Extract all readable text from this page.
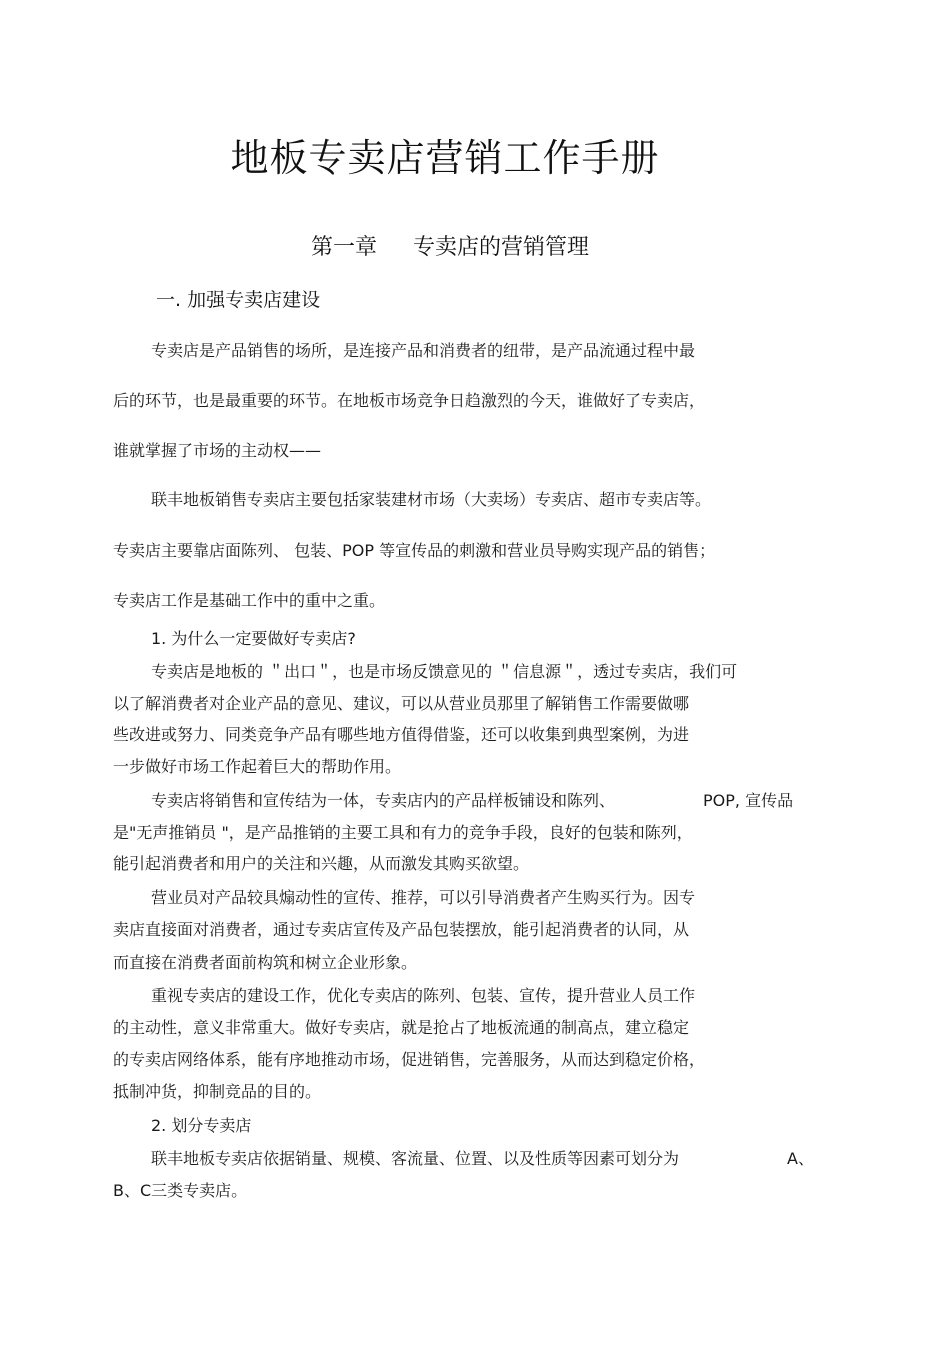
地板专卖店营销工作手册
第一章 专卖店的营销管理
一. 加强专卖店建设
专卖店是产品销售的场所，是连接产品和消费者的纽带，是产品流通过程中最
后的环节，也是最重要的环节。在地板市场竞争日趋激烈的今天，谁做好了专卖店，
谁就掌握了市场的主动权——
联丰地板销售专卖店主要包括家装建材市场（大卖场）专卖店、超市专卖店等。
专卖店主要靠店面陈列、 包装、POP 等宣传品的刺激和营业员导购实现产品的销售；
专卖店工作是基础工作中的重中之重。
1. 为什么一定要做好专卖店?
专卖店是地板的 ＂出口＂，也是市场反馈意见的 ＂信息源＂，透过专卖店，我们可
以了解消费者对企业产品的意见、建议，可以从营业员那里了解销售工作需要做哪
些改进或努力、同类竞争产品有哪些地方值得借鉴，还可以收集到典型案例，为进
一步做好市场工作起着巨大的帮助作用。
专卖店将销售和宣传结为一体，专卖店内的产品样板铺设和陈列、	POP, 宣传品
是"无声推销员 "，是产品推销的主要工具和有力的竞争手段，良好的包装和陈列，
能引起消费者和用户的关注和兴趣，从而激发其购买欲望。
营业员对产品较具煽动性的宣传、推荐，可以引导消费者产生购买行为。因专
卖店直接面对消费者，通过专卖店宣传及产品包装摆放，能引起消费者的认同，从
而直接在消费者面前构筑和树立企业形象。
重视专卖店的建设工作，优化专卖店的陈列、包装、宣传，提升营业人员工作
的主动性，意义非常重大。做好专卖店，就是抢占了地板流通的制高点，建立稳定
的专卖店网络体系，能有序地推动市场，促进销售，完善服务，从而达到稳定价格，
抵制冲货，抑制竞品的目的。
2. 划分专卖店
联丰地板专卖店依据销量、规模、客流量、位置、以及性质等因素可划分为	A、
B、C三类专卖店。
